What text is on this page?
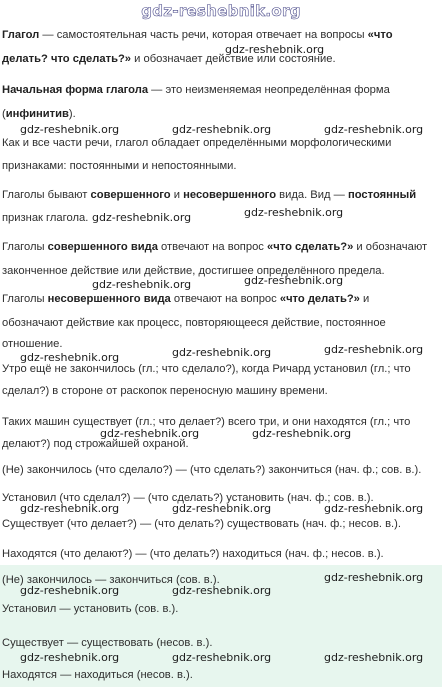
gdz-reshebnik.org
Глагол — самостоятельная часть речи, которая отвечает на вопросы «что
делать? что сделать?» и обозначает действие или состояние.
Начальная форма глагола — это неизменяемая неопределённая форма
(инфинитив).
Как и все части речи, глагол обладает определёнными морфологическими
признаками: постоянными и непостоянными.
Глаголы бывают совершенного и несовершенного вида. Вид — постоянный
признак глагола.
Глаголы совершенного вида отвечают на вопрос «что сделать?» и обозначают
законченное действие или действие, достигшее определённого предела.
Глаголы несовершенного вида отвечают на вопрос «что делать?» и
обозначают действие как процесс, повторяющееся действие, постоянное
отношение.
Утро ещё не закончилось (гл.; что сделало?), когда Ричард установил (гл.; что
сделал?) в стороне от раскопок переносную машину времени.
Таких машин существует (гл.; что делает?) всего три, и они находятся (гл.; что
делают?) под строжайшей охраной.
(Не) закончилось (что сделало?) — (что сделать?) закончиться (нач. ф.; сов. в.).
Установил (что сделал?) — (что сделать?) установить (нач. ф.; сов. в.).
Существует (что делает?) — (что делать?) существовать (нач. ф.; несов. в.).
Находятся (что делают?) — (что делать?) находиться (нач. ф.; несов. в.).
(Не) закончилось — закончиться (сов. в.).
Установил — установить (сов. в.).
Существует — существовать (несов. в.).
Находятся — находиться (несов. в.).
gdz-reshebnik.org
gdz-reshebnik.org	gdz-reshebnik.org	gdz-reshebnik.org
gdz-reshebnik.org	gdz-reshebnik.org
gdz-reshebnik.org	gdz-reshebnik.org
gdz-reshebnik.org	gdz-reshebnik.org	gdz-reshebnik.org
gdz-reshebnik.org	gdz-reshebnik.org
gdz-reshebnik.org	gdz-reshebnik.org	gdz-reshebnik.org
gdz-reshebnik.org	gdz-reshebnik.org
gdz-reshebnik.org
gdz-reshebnik.org	gdz-reshebnik.org	gdz-reshebnik.org
